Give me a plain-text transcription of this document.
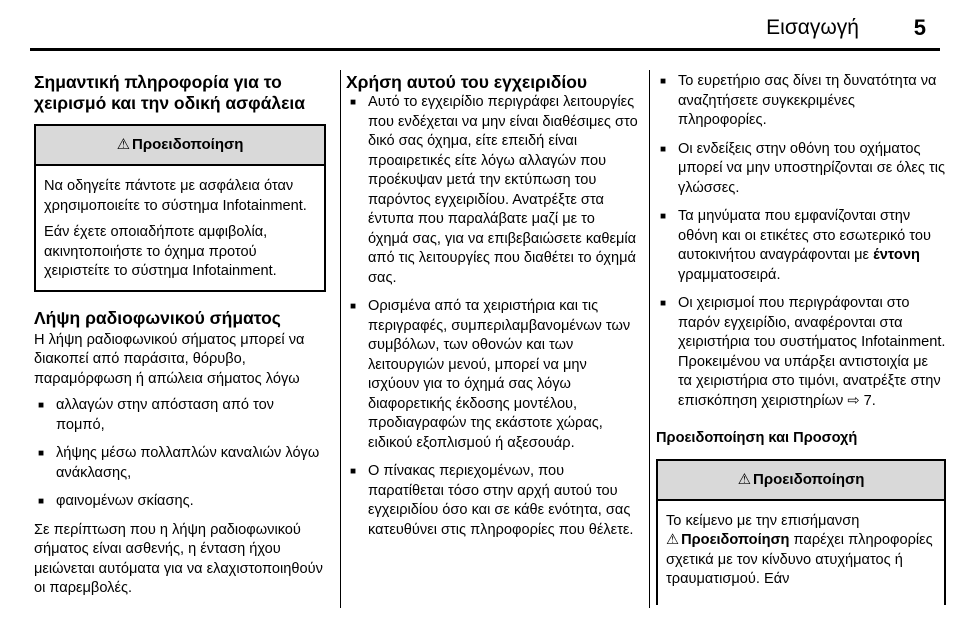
Εισαγωγή 5
Σημαντική πληροφορία για το χειρισμό και την οδική ασφάλεια
⚠ Προειδοποίηση

Να οδηγείτε πάντοτε με ασφάλεια όταν χρησιμοποιείτε το σύστημα Infotainment.

Εάν έχετε οποιαδήποτε αμφιβολία, ακινητοποιήστε το όχημα προτού χειριστείτε το σύστημα Infotainment.

Λήψη ραδιοφωνικού σήματος

Η λήψη ραδιοφωνικού σήματος μπορεί να διακοπεί από παράσιτα, θόρυβο, παραμόρφωση ή απώλεια σήματος λόγω

■ αλλαγών στην απόσταση από τον πομπό,
■ λήψης μέσω πολλαπλών καναλιών λόγω ανάκλασης,
■ φαινομένων σκίασης.

Σε περίπτωση που η λήψη ραδιοφωνικού σήματος είναι ασθενής, η ένταση ήχου μειώνεται αυτόματα για να ελαχιστοποιηθούν οι παρεμβολές.

Χρήση αυτού του εγχειριδίου
■ Αυτό το εγχειρίδιο περιγράφει λειτουργίες που ενδέχεται να μην είναι διαθέσιμες στο δικό σας όχημα, είτε επειδή είναι προαιρετικές είτε λόγω αλλαγών που προέκυψαν μετά την εκτύπωση του παρόντος εγχειριδίου. Ανατρέξτε στα έντυπα που παραλάβατε μαζί με το όχημά σας, για να επιβεβαιώσετε καθεμία από τις λειτουργίες που διαθέτει το όχημά σας.
■ Ορισμένα από τα χειριστήρια και τις περιγραφές, συμπεριλαμβανομένων των συμβόλων, των οθονών και των λειτουργιών μενού, μπορεί να μην ισχύουν για το όχημά σας λόγω διαφορετικής έκδοσης μοντέλου, προδιαγραφών της εκάστοτε χώρας, ειδικού εξοπλισμού ή αξεσουάρ.
■ Ο πίνακας περιεχομένων, που παρατίθεται τόσο στην αρχή αυτού του εγχειριδίου όσο και σε κάθε ενότητα, σας κατευθύνει στις πληροφορίες που θέλετε.
■ Το ευρετήριο σας δίνει τη δυνατότητα να αναζητήσετε συγκεκριμένες πληροφορίες.
■ Οι ενδείξεις στην οθόνη του οχήματος μπορεί να μην υποστηρίζονται σε όλες τις γλώσσες.
■ Τα μηνύματα που εμφανίζονται στην οθόνη και οι ετικέτες στο εσωτερικό του αυτοκινήτου αναγράφονται με έντονη γραμματοσειρά.
■ Οι χειρισμοί που περιγράφονται στο παρόν εγχειρίδιο, αναφέρονται στα χειριστήρια του συστήματος Infotainment. Προκειμένου να υπάρξει αντιστοιχία με τα χειριστήρια στο τιμόνι, ανατρέξτε στην επισκόπηση χειριστηρίων ⇨ 7.
Προειδοποίηση και Προσοχή
⚠ Προειδοποίηση

Το κείμενο με την επισήμανση ⚠ Προειδοποίηση παρέχει πληροφορίες σχετικά με τον κίνδυνο ατυχήματος ή τραυματισμού. Εάν
